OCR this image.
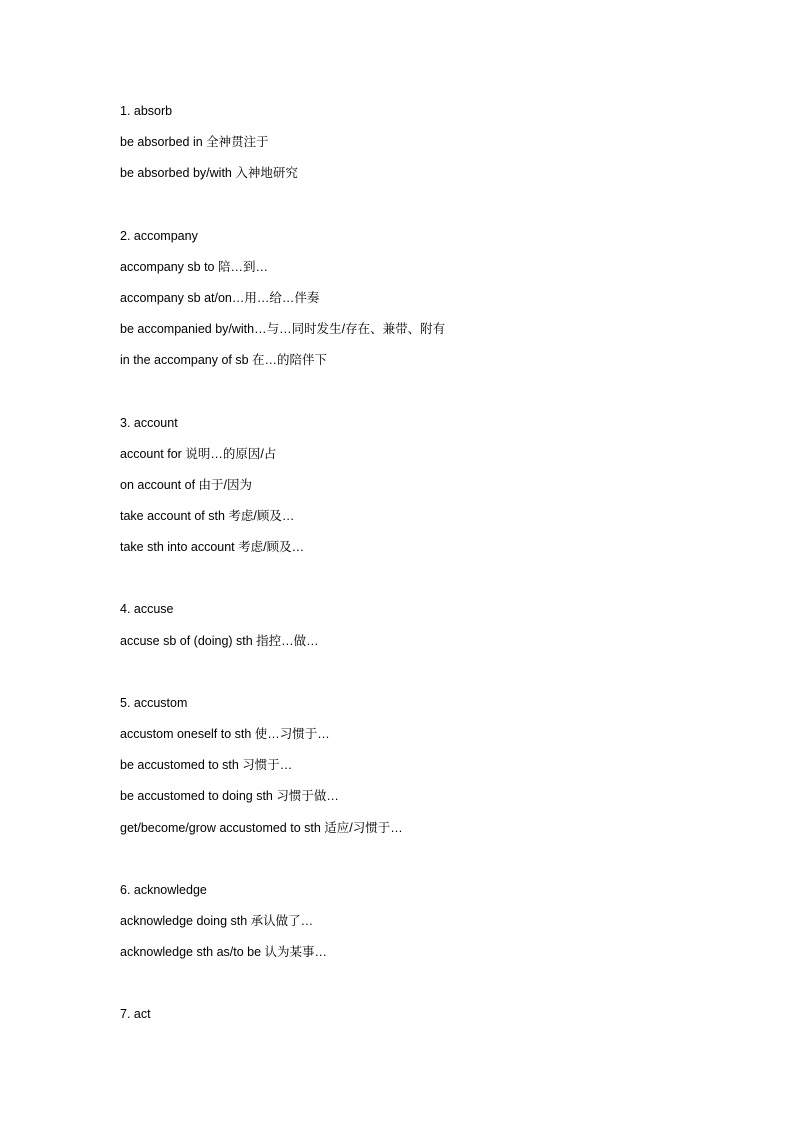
1. absorb
be absorbed in 全神贯注于
be absorbed by/with 入神地研究
2. accompany
accompany sb to 陪…到…
accompany sb at/on…用…给…伴奏
be accompanied by/with…与…同时发生/存在、兼带、附有
in the accompany of sb 在…的陪伴下
3. account
account for 说明…的原因/占
on account of 由于/因为
take account of sth 考虑/顾及…
take sth into account 考虑/顾及…
4. accuse
accuse sb of (doing) sth 指控…做…
5. accustom
accustom oneself to sth 使…习惯于…
be accustomed to sth 习惯于…
be accustomed to doing sth 习惯于做…
get/become/grow accustomed to sth 适应/习惯于…
6. acknowledge
acknowledge doing sth 承认做了…
acknowledge sth as/to be 认为某事…
7. act
